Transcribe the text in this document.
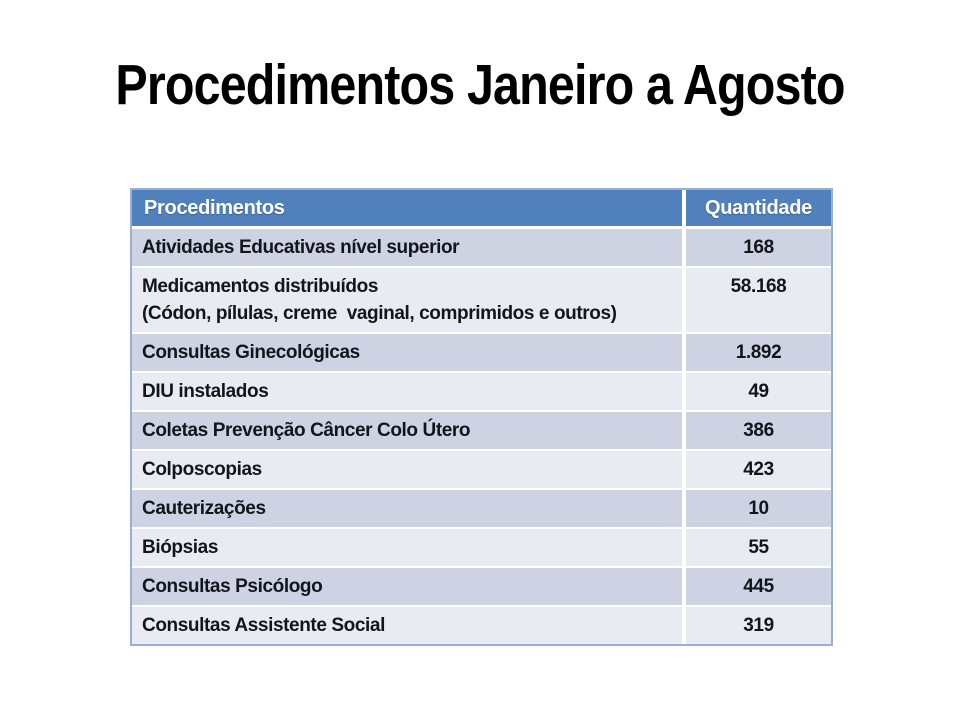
Procedimentos Janeiro a Agosto
Procedimentos	Quantidade

Atividades Educativas nível superior	168

Medicamentos distribuídos
(Códon, pílulas, creme  vaginal, comprimidos e outros)	58.168

Consultas Ginecológicas	1.892

DIU instalados	49

Coletas Prevenção Câncer Colo Útero	386

Colposcopias	423

Cauterizações	10

Biópsias	55

Consultas Psicólogo	445

Consultas Assistente Social	319
